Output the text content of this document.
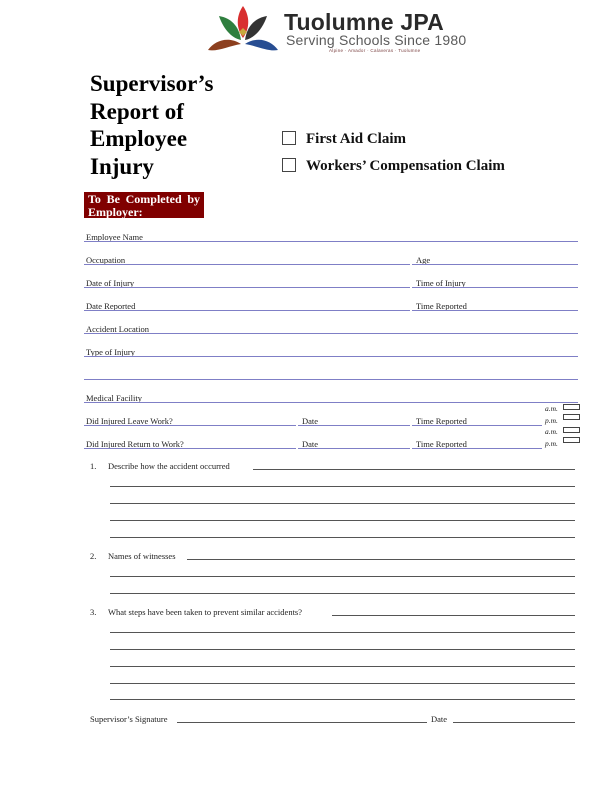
Tuolumne JPA
Serving Schools Since 1980
Alpine · Amador · Calaveras · Tuolumne
Supervisor’s
Report of
Employee
Injury
First Aid Claim
Workers’ Compensation Claim
To Be Completed by
Employer:
Employee Name
Occupation	Age
Date of Injury	Time of Injury
Date Reported	Time Reported
Accident Location
Type of Injury
Medical Facility
Did Injured Leave Work?	Date	Time Reported
a.m.
p.m.
Did Injured Return to Work?	Date	Time Reported
a.m.
p.m.
1. Describe how the accident occurred
2. Names of witnesses
3. What steps have been taken to prevent similar accidents?
Supervisor’s Signature	Date
